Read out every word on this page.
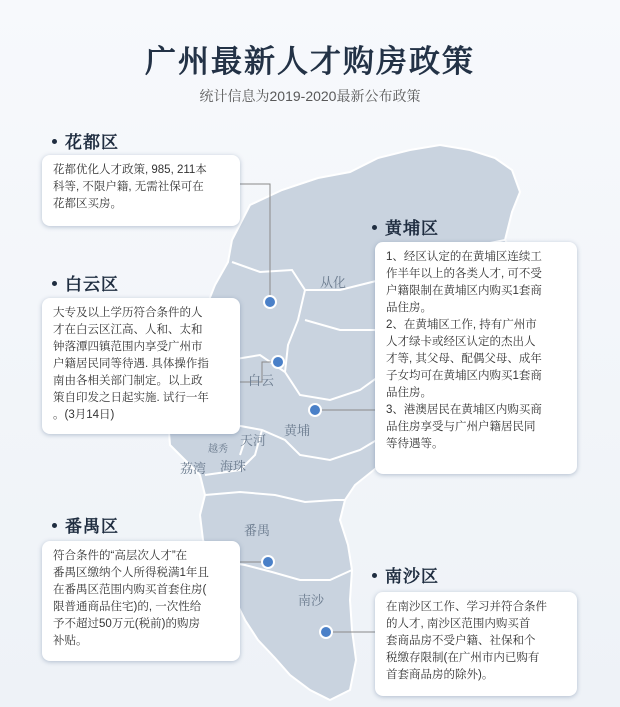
从化
白云
天河
黄埔
越秀
荔湾 海珠
番禺
南沙
广州最新人才购房政策
统计信息为2019-2020最新公布政策
花都区
花都优化人才政策, 985, 211本
科等, 不限户籍, 无需社保可在
花都区买房。
白云区
大专及以上学历符合条件的人
才在白云区江高、人和、太和
钟落潭四镇范围内享受广州市
户籍居民同等待遇. 具体操作指
南由各相关部门制定。以上政
策自印发之日起实施. 试行一年
。(3月14日)
黄埔区
1、经区认定的在黄埔区连续工
作半年以上的各类人才, 可不受
户籍限制在黄埔区内购买1套商
品住房。
2、在黄埔区工作, 持有广州市
人才绿卡或经区认定的杰出人
才等, 其父母、配偶父母、成年
子女均可在黄埔区内购买1套商
品住房。
3、港澳居民在黄埔区内购买商
品住房享受与广州户籍居民同
等待遇等。
番禺区
符合条件的“高层次人才”在
番禺区缴纳个人所得税满1年且
在番禺区范围内购买首套住房(
限普通商品住宅)的, 一次性给
予不超过50万元(税前)的购房
补贴。
南沙区
在南沙区工作、学习并符合条件
的人才, 南沙区范围内购买首
套商品房不受户籍、社保和个
税缴存限制(在广州市内已购有
首套商品房的除外)。
